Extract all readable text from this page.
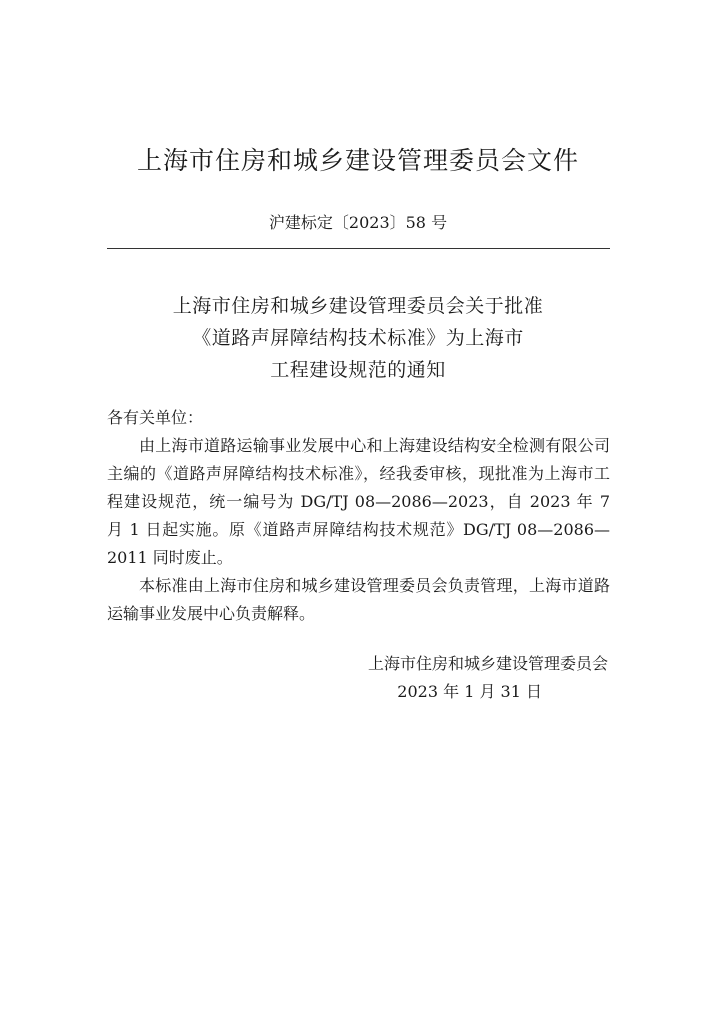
上海市住房和城乡建设管理委员会文件
沪建标定〔2023〕58 号
上海市住房和城乡建设管理委员会关于批准
《道路声屏障结构技术标准》为上海市
工程建设规范的通知

各有关单位：

由上海市道路运输事业发展中心和上海建设结构安全检测有限公司主编的《道路声屏障结构技术标准》，经我委审核，现批准为上海市工程建设规范，统一编号为 DG/TJ 08—2086—2023，自 2023 年 7 月 1 日起实施。原《道路声屏障结构技术规范》DG/TJ 08—2086—2011 同时废止。

本标准由上海市住房和城乡建设管理委员会负责管理，上海市道路运输事业发展中心负责解释。

上海市住房和城乡建设管理委员会
2023 年 1 月 31 日
